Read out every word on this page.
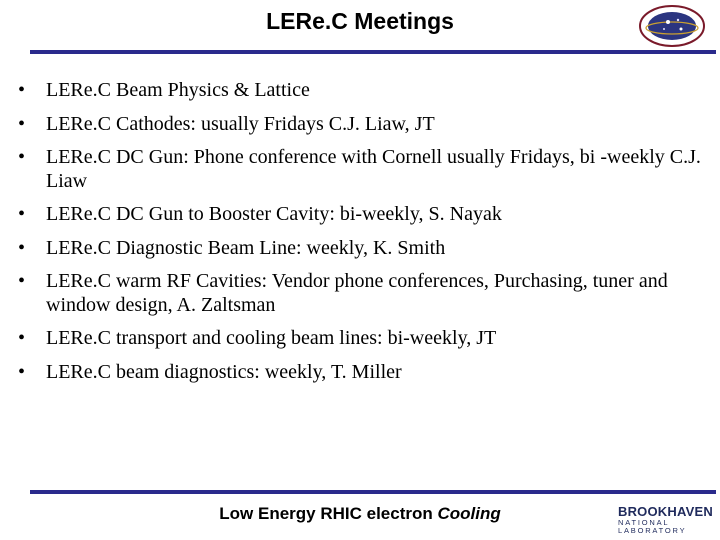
LERe.C Meetings
• LERe.C Beam Physics & Lattice
• LERe.C Cathodes: usually Fridays C.J. Liaw, JT
• LERe.C DC Gun: Phone conference with Cornell usually Fridays, bi -weekly C.J. Liaw
• LERe.C DC Gun to Booster Cavity: bi-weekly, S. Nayak
• LERe.C Diagnostic Beam Line: weekly, K. Smith
• LERe.C warm RF Cavities: Vendor phone conferences, Purchasing, tuner and window design, A. Zaltsman
• LERe.C transport and cooling beam lines: bi-weekly, JT
• LERe.C beam diagnostics: weekly, T. Miller
Low Energy RHIC electron Cooling	BROOKHAVEN
NATIONAL LABORATORY
